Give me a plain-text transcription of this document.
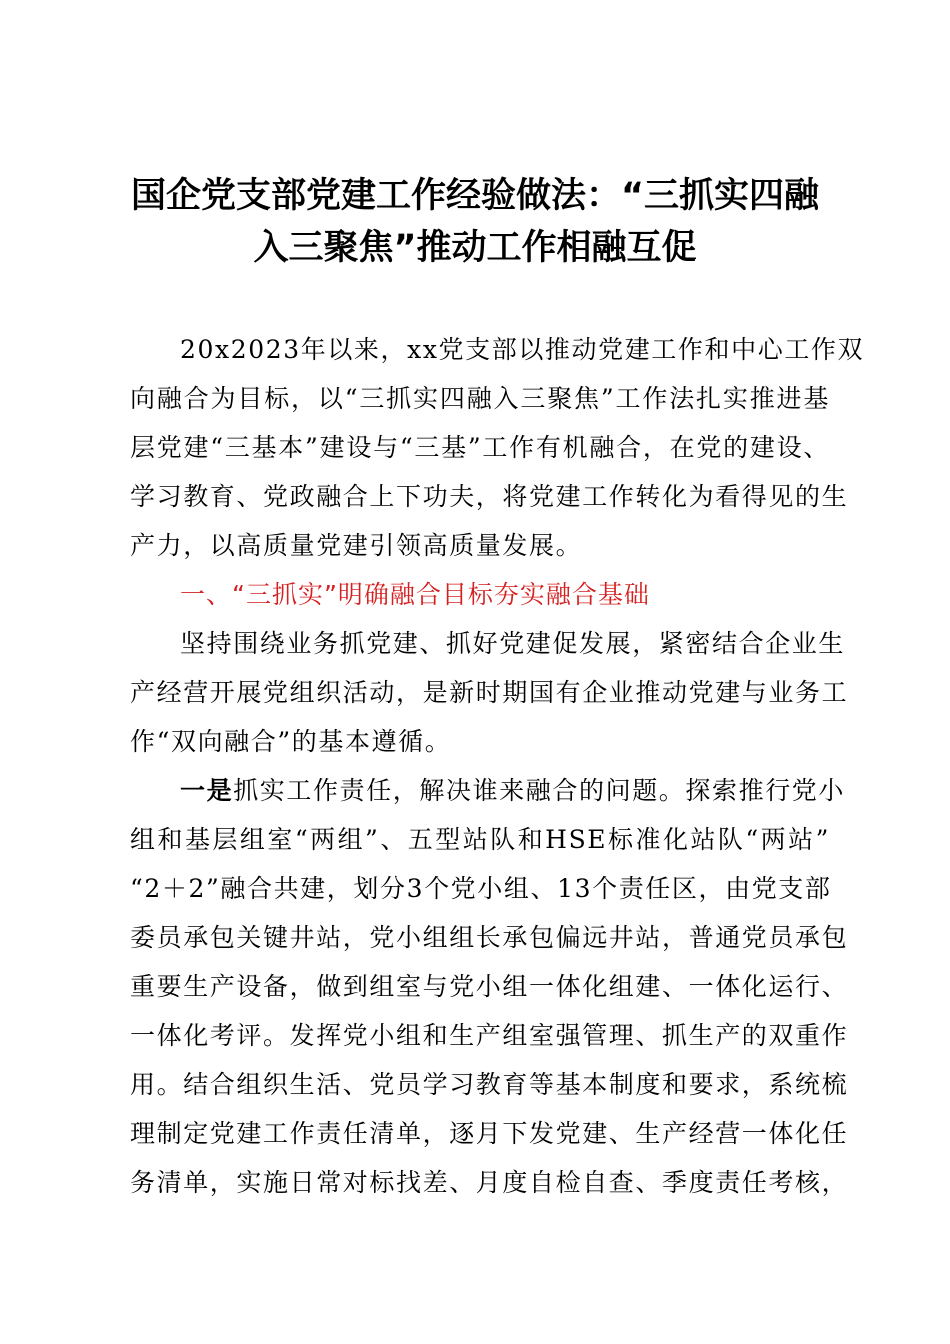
国企党支部党建工作经验做法：“三抓实四融
入三聚焦”推动工作相融互促
20x2023年以来，xx党支部以推动党建工作和中心工作双
向融合为目标，以“三抓实四融入三聚焦”工作法扎实推进基
层党建“三基本”建设与“三基”工作有机融合，在党的建设、
学习教育、党政融合上下功夫，将党建工作转化为看得见的生
产力，以高质量党建引领高质量发展。
一、“三抓实”明确融合目标夯实融合基础
坚持围绕业务抓党建、抓好党建促发展，紧密结合企业生
产经营开展党组织活动，是新时期国有企业推动党建与业务工
作“双向融合”的基本遵循。
一是抓实工作责任，解决谁来融合的问题。探索推行党小
组和基层组室“两组”、五型站队和HSE标准化站队“两站”
“2＋2”融合共建，划分3个党小组、13个责任区，由党支部
委员承包关键井站，党小组组长承包偏远井站，普通党员承包
重要生产设备，做到组室与党小组一体化组建、一体化运行、
一体化考评。发挥党小组和生产组室强管理、抓生产的双重作
用。结合组织生活、党员学习教育等基本制度和要求，系统梳
理制定党建工作责任清单，逐月下发党建、生产经营一体化任
务清单，实施日常对标找差、月度自检自查、季度责任考核，
